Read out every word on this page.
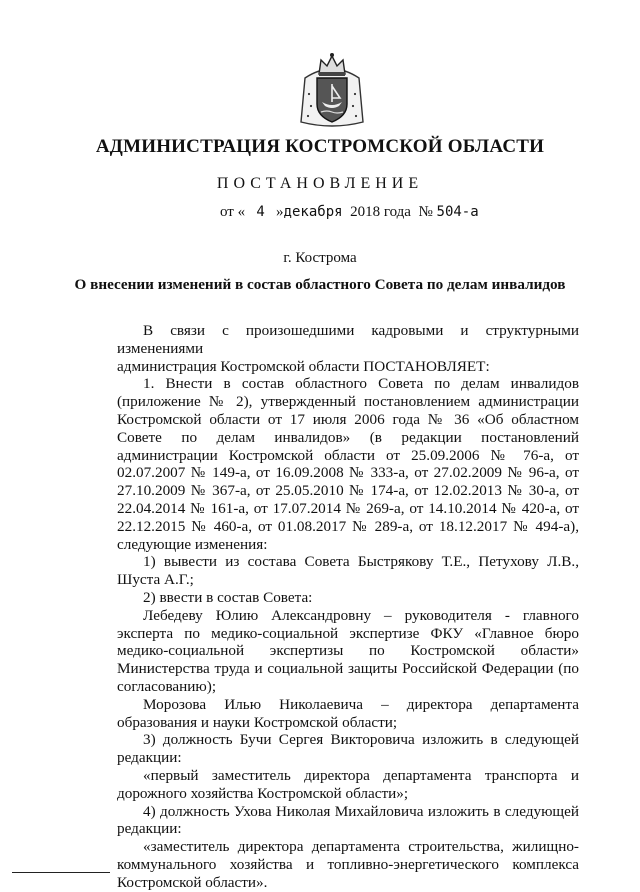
АДМИНИСТРАЦИЯ КОСТРОМСКОЙ ОБЛАСТИ
ПОСТАНОВЛЕНИЕ
от « 4 »декабря 2018 года № 504-а
г. Кострома
О внесении изменений в состав областного Совета по делам инвалидов

В связи с произошедшими кадровыми и структурными изменениями

администрация Костромской области ПОСТАНОВЛЯЕТ:

1. Внести в состав областного Совета по делам инвалидов (приложение № 2), утвержденный постановлением администрации Костромской области от 17 июля 2006 года № 36 «Об областном Совете по делам инвалидов» (в редакции постановлений администрации Костромской области от 25.09.2006 № 76-а, от 02.07.2007 № 149-а, от 16.09.2008 № 333-а, от 27.02.2009 № 96-а, от 27.10.2009 № 367-а, от 25.05.2010 № 174-а, от 12.02.2013 № 30-а, от 22.04.2014 № 161-а, от 17.07.2014 № 269-а, от 14.10.2014 № 420-а, от 22.12.2015 № 460-а, от 01.08.2017 № 289-а, от 18.12.2017 № 494-а), следующие изменения:

1) вывести из состава Совета Быстрякову Т.Е., Петухову Л.В., Шуста А.Г.;

2) ввести в состав Совета:

Лебедеву Юлию Александровну – руководителя - главного эксперта по медико-социальной экспертизе ФКУ «Главное бюро медико-социальной экспертизы по Костромской области» Министерства труда и социальной защиты Российской Федерации (по согласованию);

Морозова Илью Николаевича – директора департамента образования и науки Костромской области;

3) должность Бучи Сергея Викторовича изложить в следующей редакции:

«первый заместитель директора департамента транспорта и дорожного хозяйства Костромской области»;

4) должность Ухова Николая Михайловича изложить в следующей редакции:

«заместитель директора департамента строительства, жилищно-коммунального хозяйства и топливно-энергетического комплекса Костромской области».
